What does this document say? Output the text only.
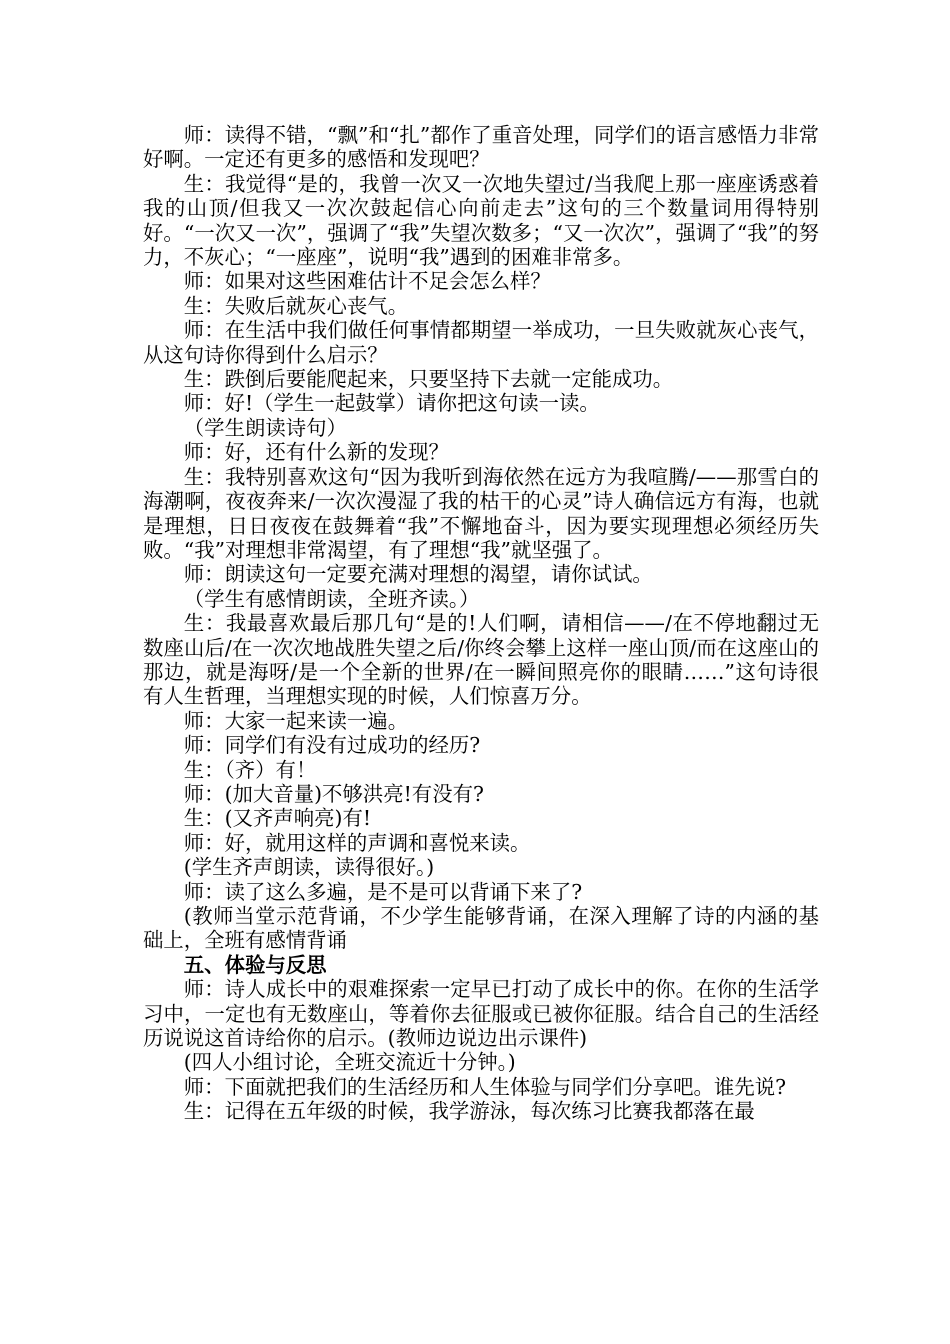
师：读得不错，“飘”和“扎”都作了重音处理，同学们的语言感悟力非常好啊。一定还有更多的感悟和发现吧？

生：我觉得“是的，我曾一次又一次地失望过/当我爬上那一座座诱惑着我的山顶/但我又一次次鼓起信心向前走去”这句的三个数量词用得特别好。“一次又一次”，强调了“我”失望次数多；“又一次次”，强调了“我”的努力，不灰心；“一座座”，说明“我”遇到的困难非常多。

师：如果对这些困难估计不足会怎么样？

生：失败后就灰心丧气。

师：在生活中我们做任何事情都期望一举成功，一旦失败就灰心丧气，从这句诗你得到什么启示？

生：跌倒后要能爬起来，只要坚持下去就一定能成功。

师：好!（学生一起鼓掌）请你把这句读一读。

（学生朗读诗句）

师：好，还有什么新的发现？

生：我特别喜欢这句“因为我听到海依然在远方为我喧腾/——那雪白的海潮啊，夜夜奔来/一次次漫湿了我的枯干的心灵”诗人确信远方有海，也就是理想，日日夜夜在鼓舞着“我”不懈地奋斗，因为要实现理想必须经历失败。“我”对理想非常渴望，有了理想“我”就坚强了。

师：朗读这句一定要充满对理想的渴望，请你试试。

（学生有感情朗读，全班齐读。）

生：我最喜欢最后那几句“是的!人们啊，请相信——/在不停地翻过无数座山后/在一次次地战胜失望之后/你终会攀上这样一座山顶/而在这座山的那边，就是海呀/是一个全新的世界/在一瞬间照亮你的眼睛……”这句诗很有人生哲理，当理想实现的时候，人们惊喜万分。

师：大家一起来读一遍。

师：同学们有没有过成功的经历?

生：（齐）有！

师：(加大音量)不够洪亮!有没有?

生：(又齐声响亮)有!

师：好，就用这样的声调和喜悦来读。

(学生齐声朗读，读得很好。)

师：读了这么多遍，是不是可以背诵下来了?

(教师当堂示范背诵，不少学生能够背诵，在深入理解了诗的内涵的基础上，全班有感情背诵

五、体验与反思

师：诗人成长中的艰难探索一定早已打动了成长中的你。在你的生活学习中，一定也有无数座山，等着你去征服或已被你征服。结合自己的生活经历说说这首诗给你的启示。(教师边说边出示课件)

(四人小组讨论，全班交流近十分钟。)

师：下面就把我们的生活经历和人生体验与同学们分享吧。谁先说?

生：记得在五年级的时候，我学游泳，每次练习比赛我都落在最
